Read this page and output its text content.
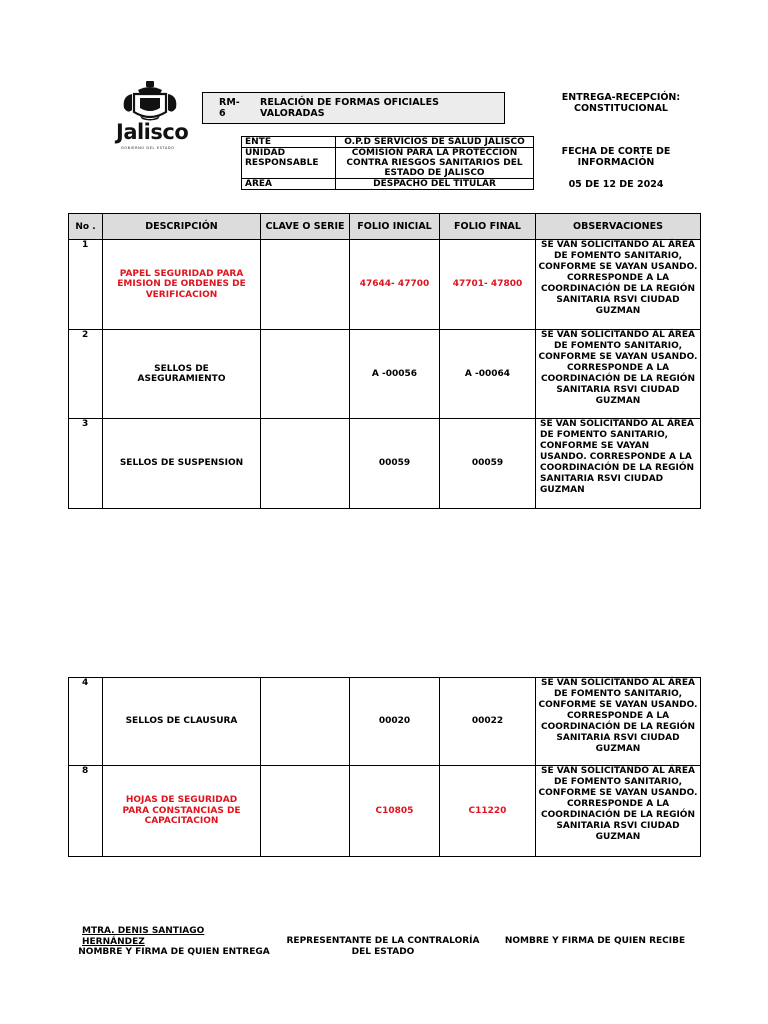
Jalisco
GOBIERNO DEL ESTADO
RM-6
RELACIÓN DE FORMAS OFICIALES VALORADAS
ENTREGA-RECEPCIÓN:
CONSTITUCIONAL
FECHA DE CORTE DE
INFORMACIÓN
05 DE 12 DE 2024
ENTE	O.P.D SERVICIOS DE SALUD JALISCO
UNIDAD RESPONSABLE	COMISION PARA LA PROTECCION CONTRA RIESGOS SANITARIOS DEL ESTADO DE JALISCO
AREA	DESPACHO DEL TITULAR
No .	DESCRIPCIÓN	CLAVE O SERIE	FOLIO INICIAL	FOLIO FINAL	OBSERVACIONES
1	PAPEL SEGURIDAD PARA EMISION DE ORDENES DE VERIFICACION		47644- 47700	47701- 47800	SE VAN SOLICITANDO AL ÁREA DE FOMENTO SANITARIO, CONFORME SE VAYAN USANDO. CORRESPONDE A LA COORDINACIÓN DE LA REGIÓN SANITARIA RSVI CIUDAD GUZMAN
2	SELLOS DE ASEGURAMIENTO		A -00056	A -00064	SE VAN SOLICITANDO AL ÁREA DE FOMENTO SANITARIO, CONFORME SE VAYAN USANDO. CORRESPONDE A LA COORDINACIÓN DE LA REGIÓN SANITARIA RSVI CIUDAD GUZMAN
3	SELLOS DE SUSPENSION		00059	00059	SE VAN SOLICITANDO AL ÁREA DE FOMENTO SANITARIO, CONFORME SE VAYAN USANDO. CORRESPONDE A LA COORDINACIÓN DE LA REGIÓN SANITARIA RSVI CIUDAD GUZMAN
4	SELLOS DE CLAUSURA		00020	00022	SE VAN SOLICITANDO AL ÁREA DE FOMENTO SANITARIO, CONFORME SE VAYAN USANDO. CORRESPONDE A LA COORDINACIÓN DE LA REGIÓN SANITARIA RSVI CIUDAD GUZMAN
8	HOJAS DE SEGURIDAD PARA CONSTANCIAS DE CAPACITACION		C10805	C11220	SE VAN SOLICITANDO AL ÁREA DE FOMENTO SANITARIO, CONFORME SE VAYAN USANDO. CORRESPONDE A LA COORDINACIÓN DE LA REGIÓN SANITARIA RSVI CIUDAD GUZMAN
MTRA. DENIS SANTIAGO HERNÁNDEZ
NOMBRE Y FIRMA DE QUIEN ENTREGA
REPRESENTANTE DE LA CONTRALORÍA
DEL ESTADO
NOMBRE Y FIRMA DE QUIEN RECIBE
